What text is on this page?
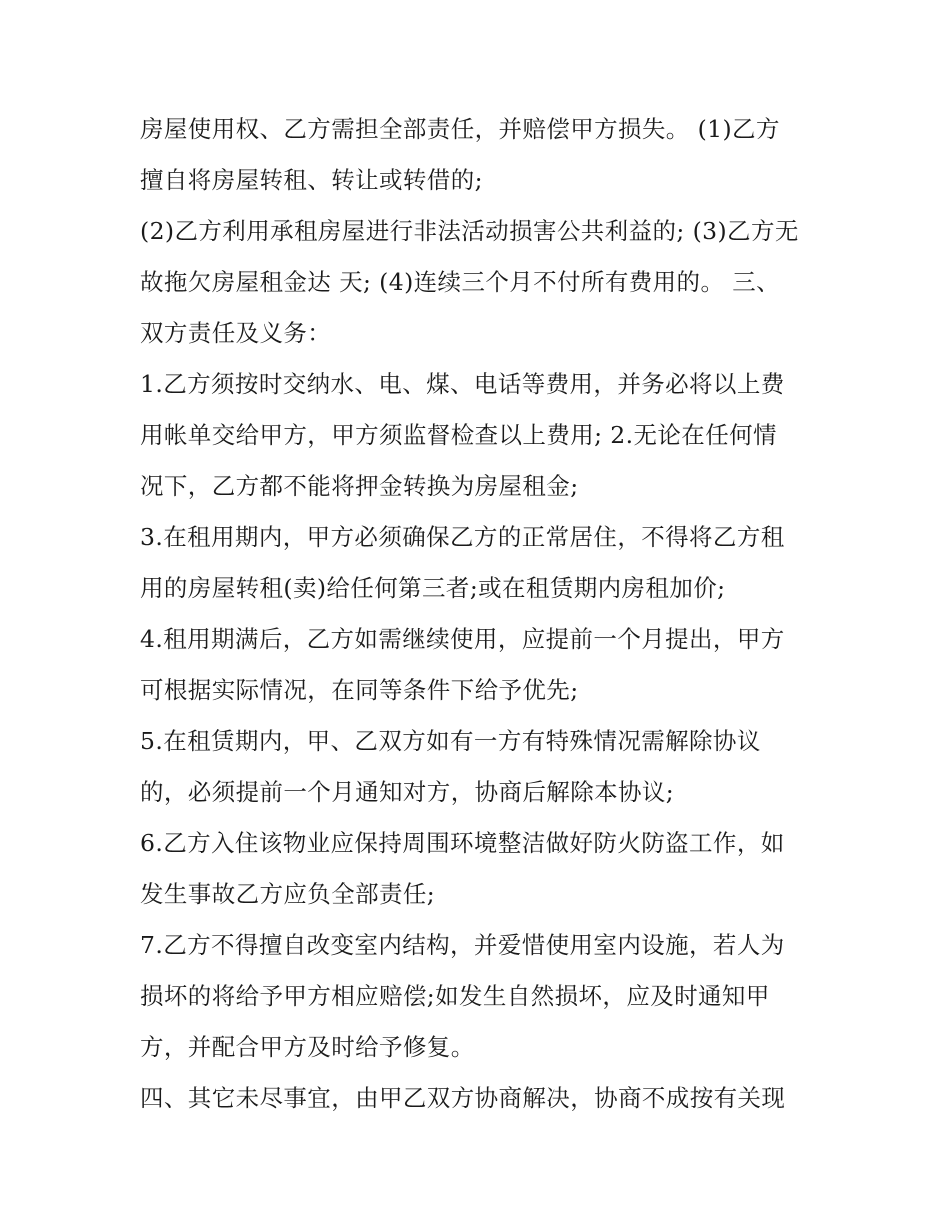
房屋使用权、乙方需担全部责任，并赔偿甲方损失。 (1)乙方
擅自将房屋转租、转让或转借的;
(2)乙方利用承租房屋进行非法活动损害公共利益的; (3)乙方无
故拖欠房屋租金达 天; (4)连续三个月不付所有费用的。 三、
双方责任及义务：
1.乙方须按时交纳水、电、煤、电话等费用，并务必将以上费
用帐单交给甲方，甲方须监督检查以上费用; 2.无论在任何情
况下，乙方都不能将押金转换为房屋租金;
3.在租用期内，甲方必须确保乙方的正常居住，不得将乙方租
用的房屋转租(卖)给任何第三者;或在租赁期内房租加价;
4.租用期满后，乙方如需继续使用，应提前一个月提出，甲方
可根据实际情况，在同等条件下给予优先;
5.在租赁期内，甲、乙双方如有一方有特殊情况需解除协议
的，必须提前一个月通知对方，协商后解除本协议;
6.乙方入住该物业应保持周围环境整洁做好防火防盗工作，如
发生事故乙方应负全部责任;
7.乙方不得擅自改变室内结构，并爱惜使用室内设施，若人为
损坏的将给予甲方相应赔偿;如发生自然损坏，应及时通知甲
方，并配合甲方及时给予修复。
四、其它未尽事宜，由甲乙双方协商解决，协商不成按有关现
